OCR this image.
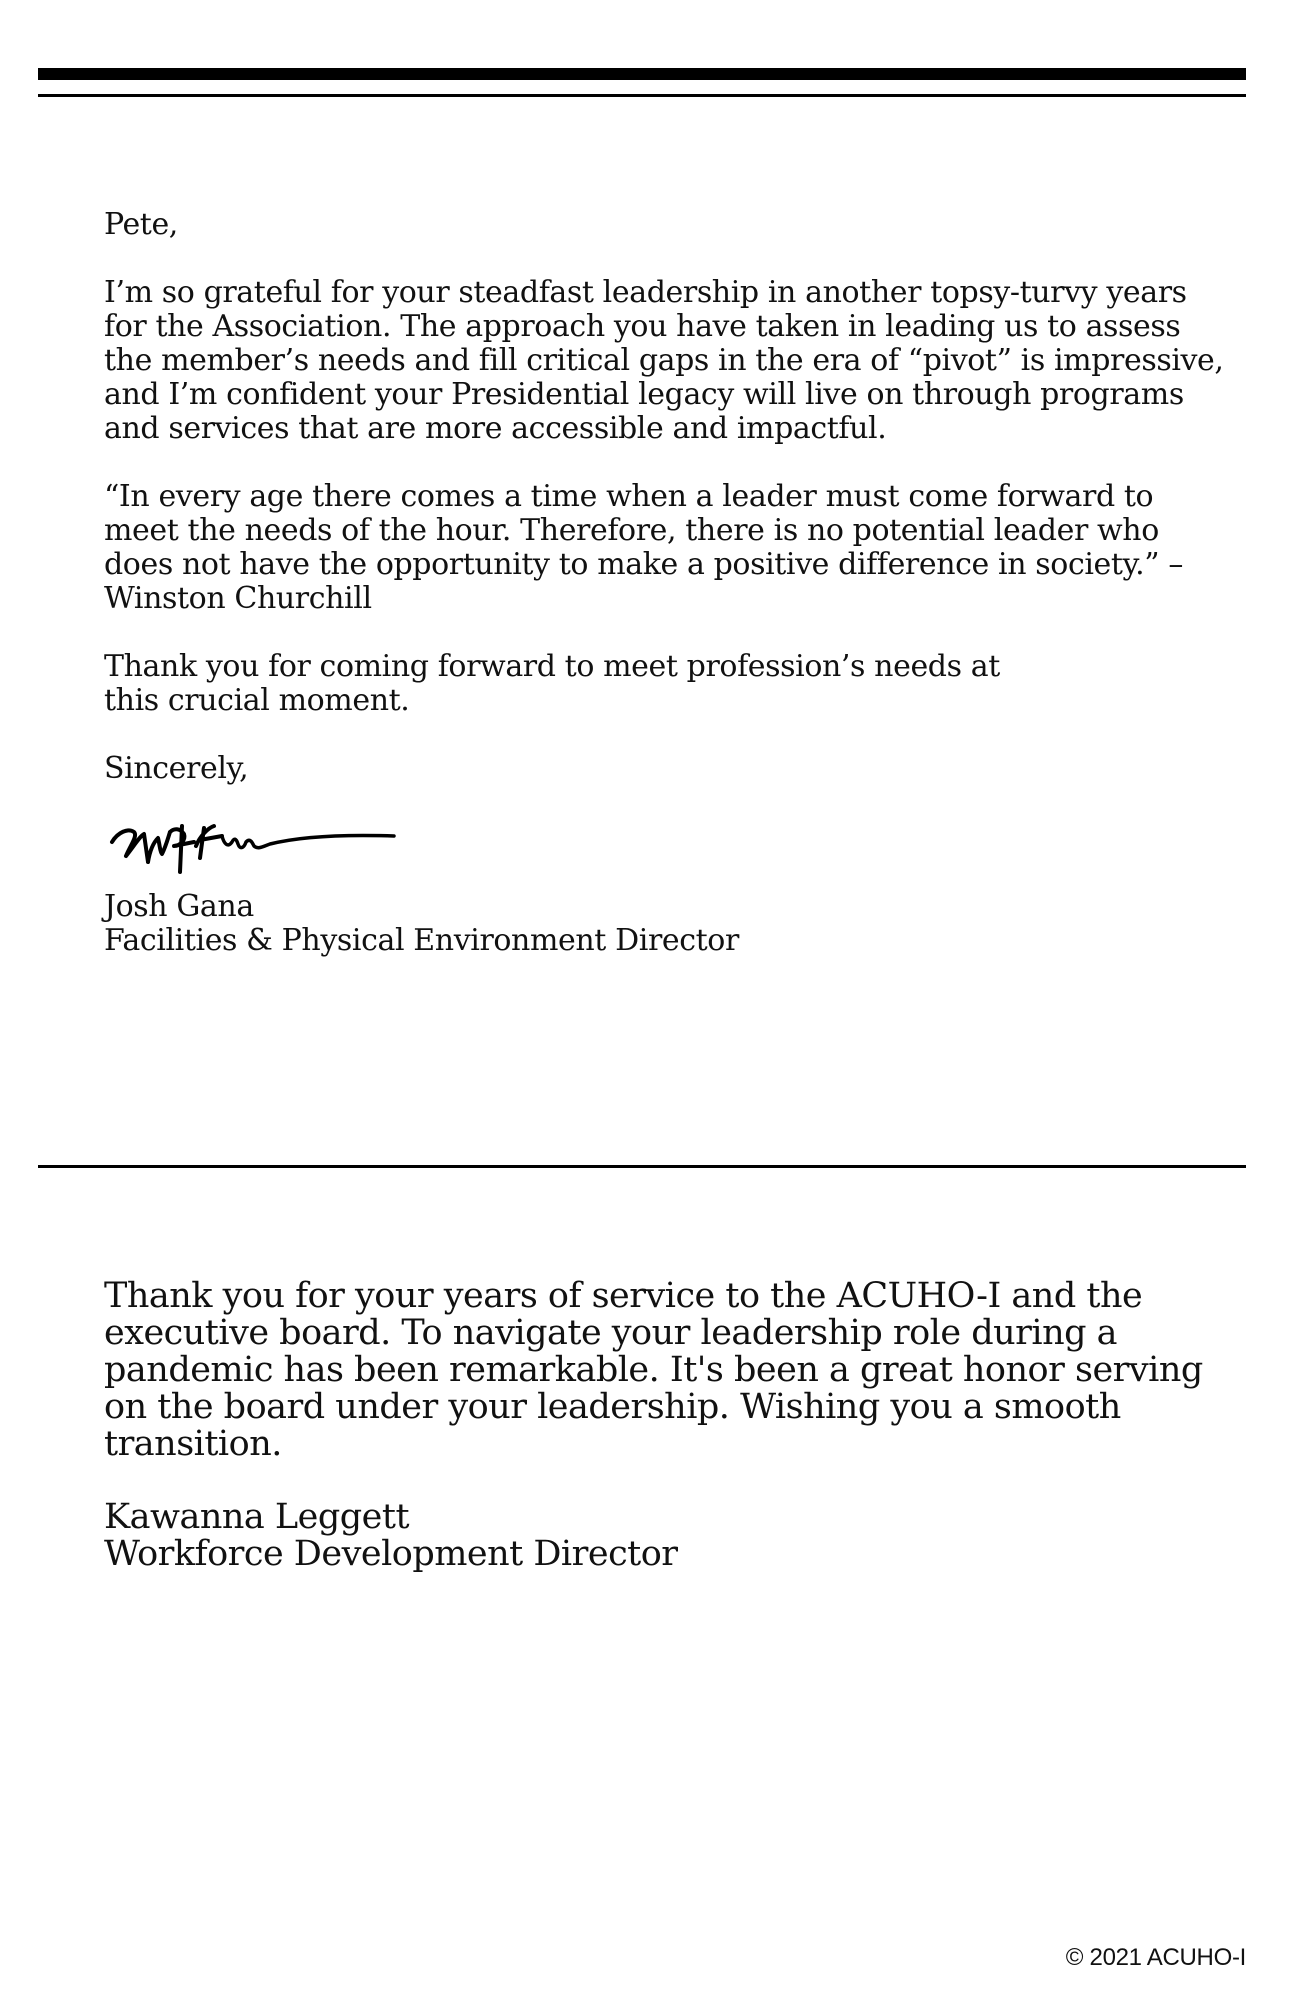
Pete,

I’m so grateful for your steadfast leadership in another topsy-turvy years for the Association. The approach you have taken in leading us to assess the member’s needs and fill critical gaps in the era of “pivot” is impressive, and I’m confident your Presidential legacy will live on through programs and services that are more accessible and impactful.

“In every age there comes a time when a leader must come forward to meet the needs of the hour. Therefore, there is no potential leader who does not have the opportunity to make a positive difference in society.” – Winston Churchill

Thank you for coming forward to meet profession’s needs at this crucial moment.

Sincerely,

Josh Gana
Facilities & Physical Environment Director

Thank you for your years of service to the ACUHO-I and the executive board. To navigate your leadership role during a pandemic has been remarkable. It's been a great honor serving on the board under your leadership. Wishing you a smooth transition.

Kawanna Leggett
Workforce Development Director
© 2021 ACUHO-I
